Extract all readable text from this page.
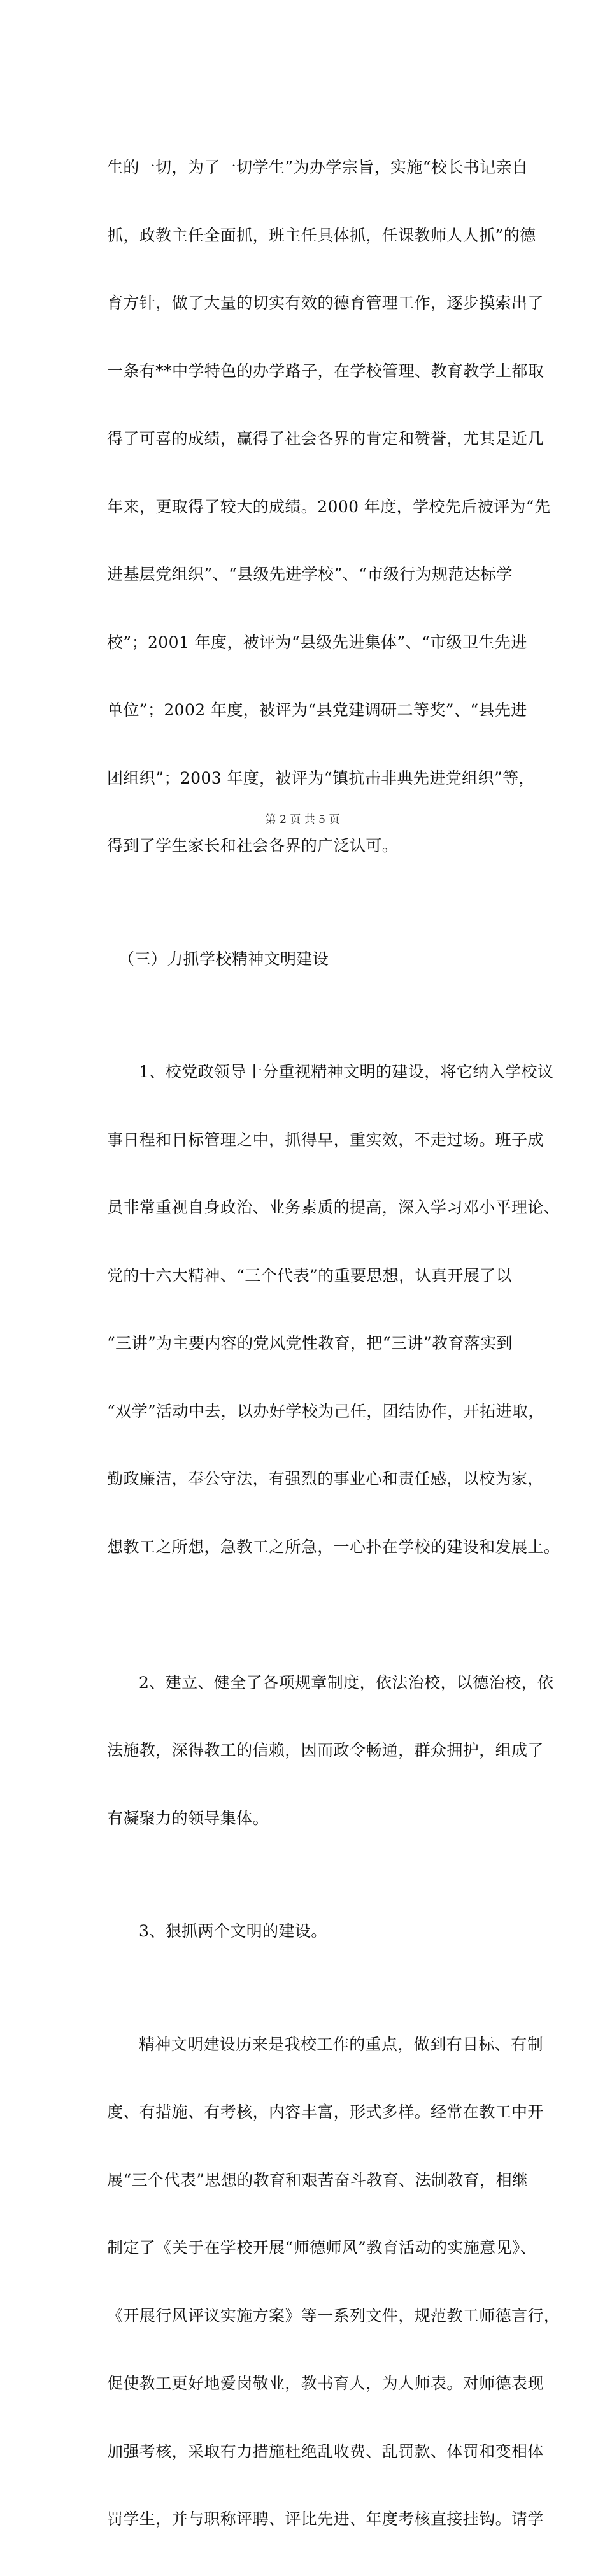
生的一切，为了一切学生”为办学宗旨，实施“校长书记亲自

抓，政教主任全面抓，班主任具体抓，任课教师人人抓”的德

育方针，做了大量的切实有效的德育管理工作，逐步摸索出了

一条有**中学特色的办学路子，在学校管理、教育教学上都取

得了可喜的成绩，赢得了社会各界的肯定和赞誉，尤其是近几

年来，更取得了较大的成绩。2000 年度，学校先后被评为“先

进基层党组织”、“县级先进学校”、“市级行为规范达标学

校”；2001 年度，被评为“县级先进集体”、“市级卫生先进

单位”；2002 年度，被评为“县党建调研二等奖”、“县先进

团组织”；2003 年度，被评为“镇抗击非典先进党组织”等，

得到了学生家长和社会各界的广泛认可。

（三）力抓学校精神文明建设

1、校党政领导十分重视精神文明的建设，将它纳入学校议

事日程和目标管理之中，抓得早，重实效，不走过场。班子成

员非常重视自身政治、业务素质的提高，深入学习邓小平理论、

党的十六大精神、“三个代表”的重要思想，认真开展了以

“三讲”为主要内容的党风党性教育，把“三讲”教育落实到

“双学”活动中去，以办好学校为己任，团结协作，开拓进取，

勤政廉洁，奉公守法，有强烈的事业心和责任感，以校为家，

想教工之所想，急教工之所急，一心扑在学校的建设和发展上。

2、建立、健全了各项规章制度，依法治校，以德治校，依

法施教，深得教工的信赖，因而政令畅通，群众拥护，组成了

有凝聚力的领导集体。

3、狠抓两个文明的建设。

精神文明建设历来是我校工作的重点，做到有目标、有制

度、有措施、有考核，内容丰富，形式多样。经常在教工中开

展“三个代表”思想的教育和艰苦奋斗教育、法制教育，相继

制定了《关于在学校开展“师德师风”教育活动的实施意见》、

《开展行风评议实施方案》等一系列文件，规范教工师德言行，

促使教工更好地爱岗敬业，教书育人，为人师表。对师德表现

加强考核，采取有力措施杜绝乱收费、乱罚款、体罚和变相体

罚学生，并与职称评聘、评比先进、年度考核直接挂钩。请学

第 2 页 共 5 页
